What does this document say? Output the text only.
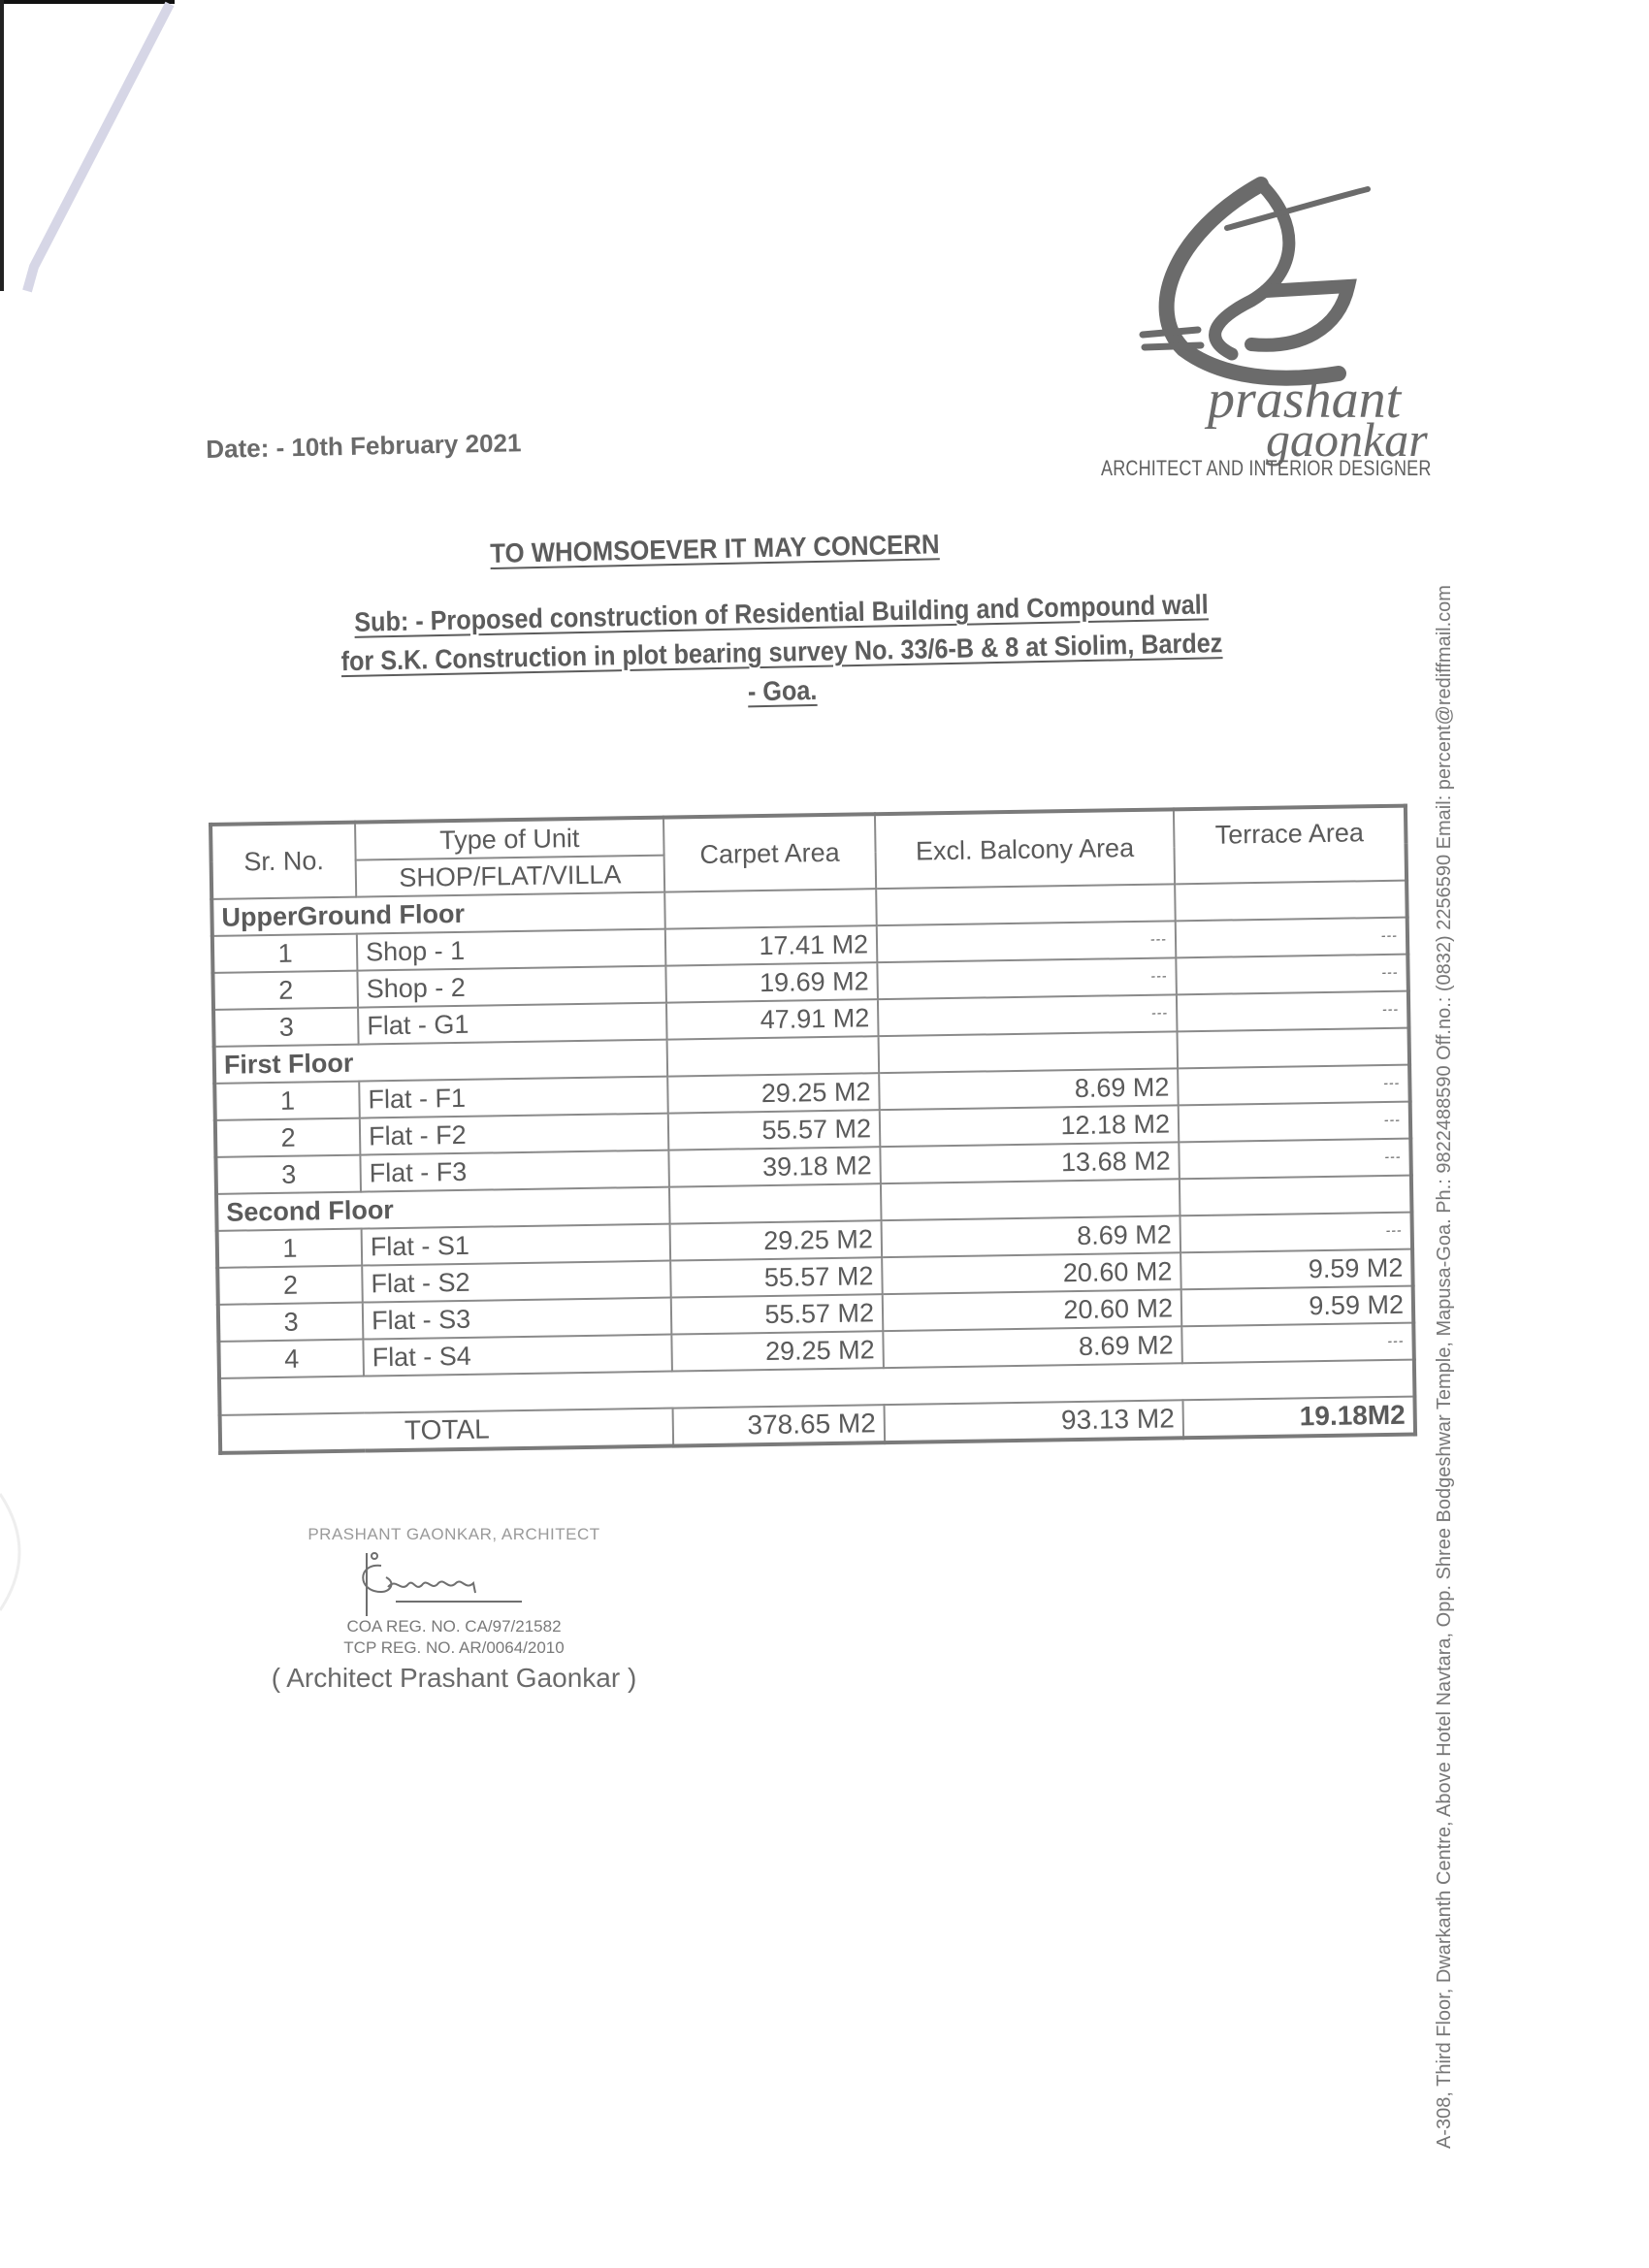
prashant
gaonkar
ARCHITECT AND INTERIOR DESIGNER
Date: - 10th February 2021
TO WHOMSOEVER IT MAY CONCERN
Sub: - Proposed construction of Residential Building and Compound wall
for S.K. Construction in plot bearing survey No. 33/6-B & 8 at Siolim, Bardez
- Goa.
Sr. No.	Type of Unit	Carpet Area	Excl. Balcony Area	Terrace Area
SHOP/FLAT/VILLA
UpperGround Floor			
1	Shop - 1	17.41 M2	---	---
2	Shop - 2	19.69 M2	---	---
3	Flat - G1	47.91 M2	---	---
First Floor			
1	Flat - F1	29.25 M2	8.69 M2	---
2	Flat - F2	55.57 M2	12.18 M2	---
3	Flat - F3	39.18 M2	13.68 M2	---
Second Floor			
1	Flat - S1	29.25 M2	8.69 M2	---
2	Flat - S2	55.57 M2	20.60 M2	9.59 M2
3	Flat - S3	55.57 M2	20.60 M2	9.59 M2
4	Flat - S4	29.25 M2	8.69 M2	---

TOTAL	378.65 M2	93.13 M2	19.18M2
PRASHANT GAONKAR, ARCHITECT
COA REG. NO. CA/97/21582
TCP REG. NO. AR/0064/2010
( Architect Prashant Gaonkar )	A-308, Third Floor, Dwarkanth Centre, Above Hotel Navtara, Opp. Shree Bodgeshwar Temple, Mapusa-Goa. Ph.: 9822488590 Off.no.: (0832) 2256590 Email: percent@rediffmail.com
